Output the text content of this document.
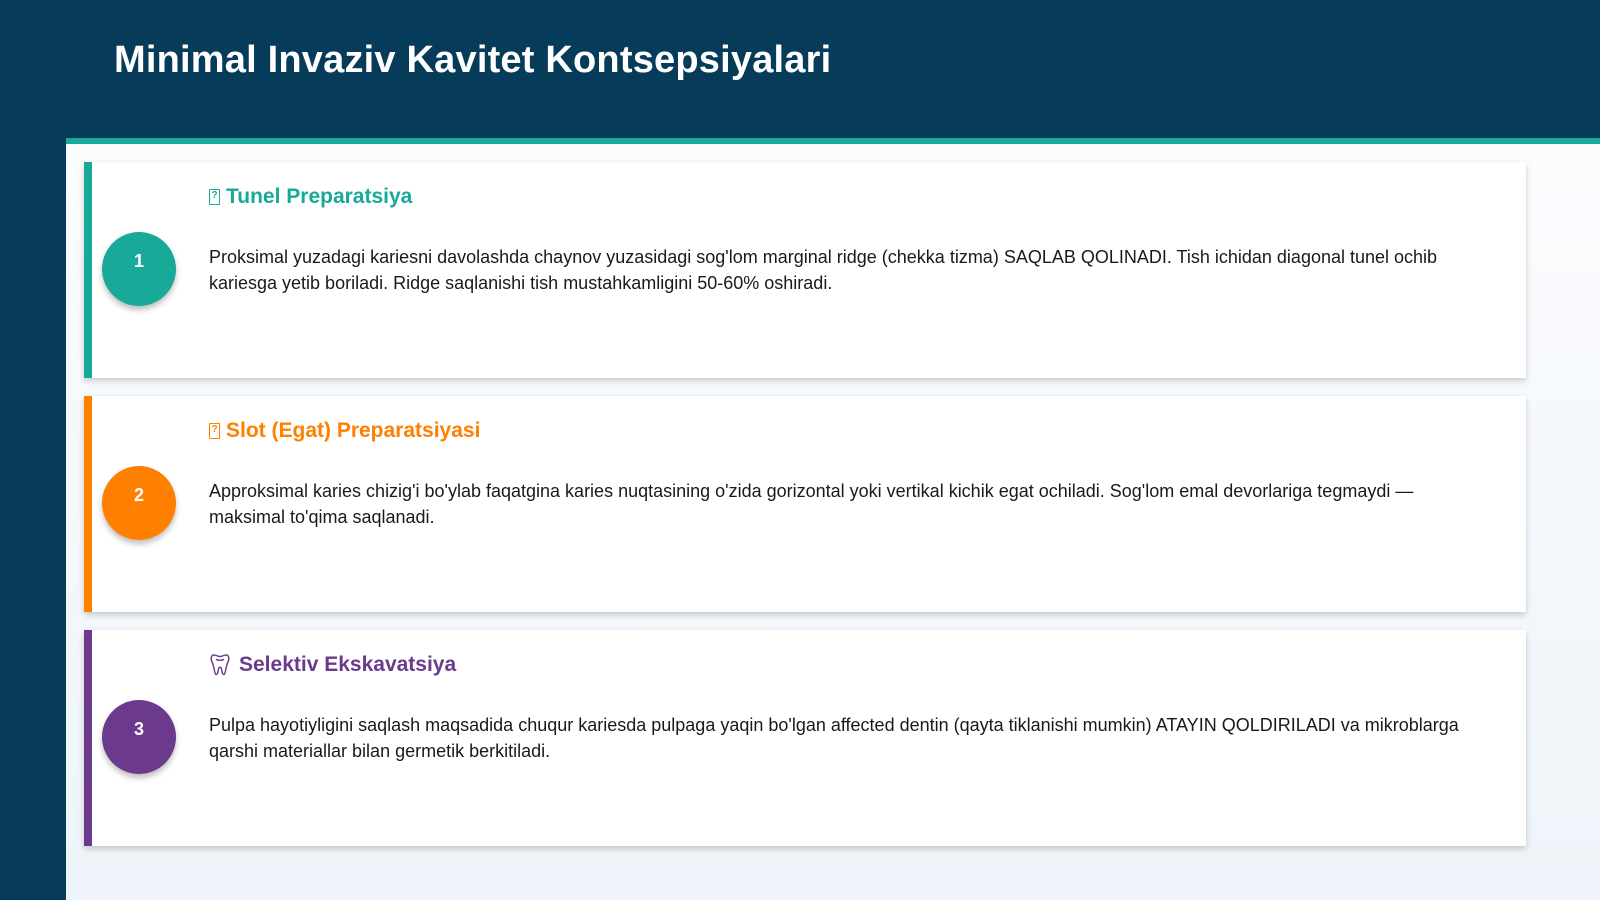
Minimal Invaziv Kavitet Kontsepsiyalari
1
?
Tunel Preparatsiya

Proksimal yuzadagi kariesni davolashda chaynov yuzasidagi sog'lom marginal ridge (chekka tizma) SAQLAB QOLINADI. Tish ichidan diagonal tunel ochib kariesga yetib boriladi. Ridge saqlanishi tish mustahkamligini 50-60% oshiradi.

2
?
Slot (Egat) Preparatsiyasi

Approksimal karies chizig'i bo'ylab faqatgina karies nuqtasining o'zida gorizontal yoki vertikal kichik egat ochiladi. Sog'lom emal devorlariga tegmaydi — maksimal to'qima saqlanadi.

3
Selektiv Ekskavatsiya

Pulpa hayotiyligini saqlash maqsadida chuqur kariesda pulpaga yaqin bo'lgan affected dentin (qayta tiklanishi mumkin) ATAYIN QOLDIRILADI va mikroblarga qarshi materiallar bilan germetik berkitiladi.
